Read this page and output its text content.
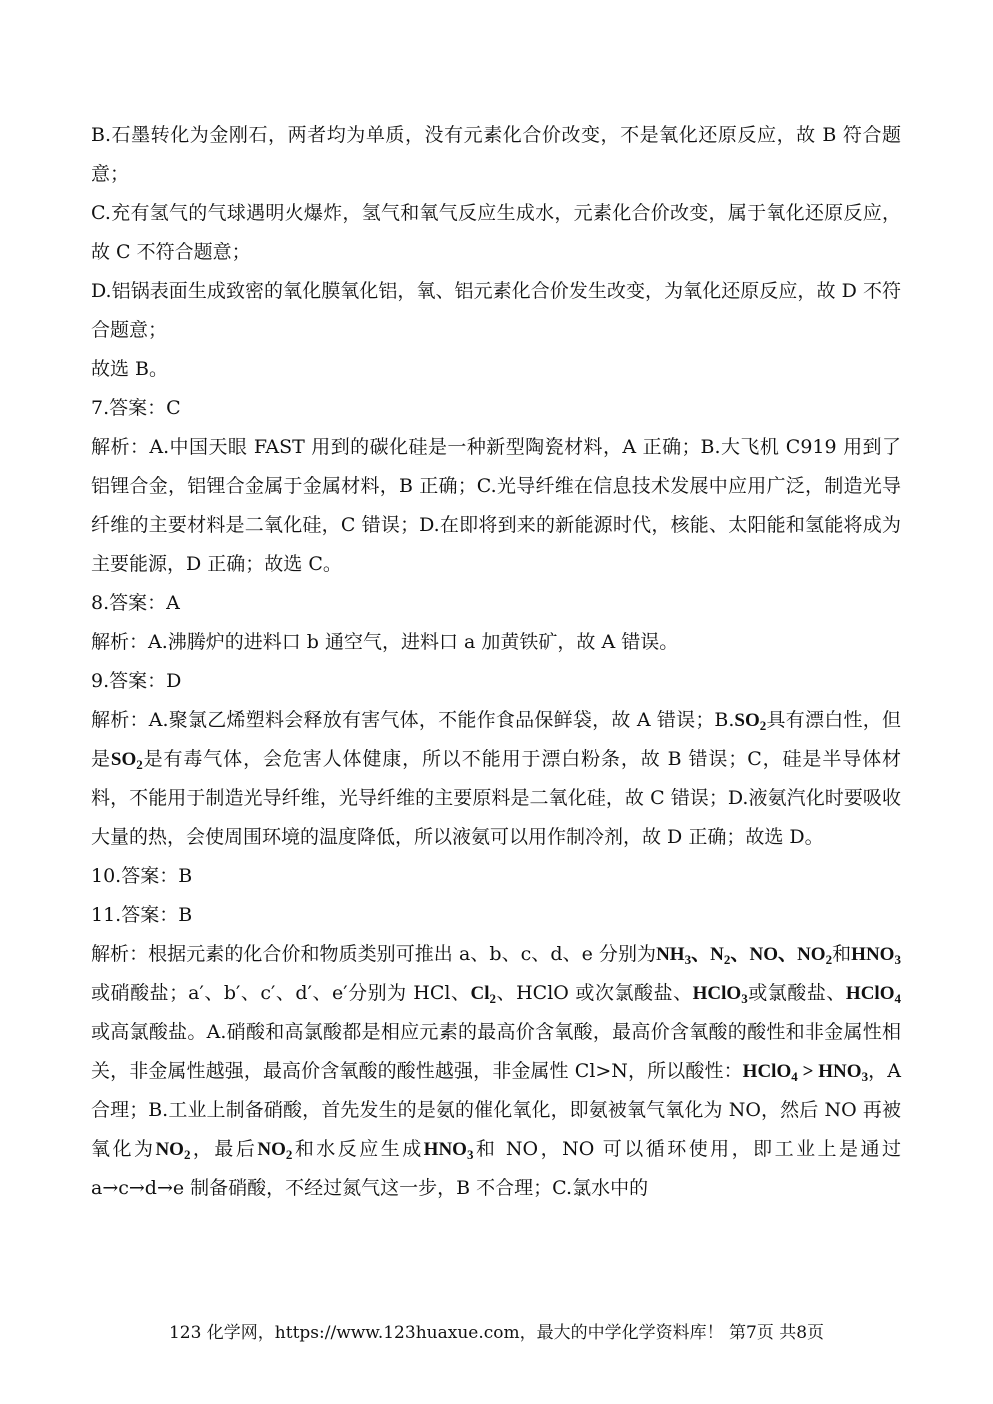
B.石墨转化为金刚石，两者均为单质，没有元素化合价改变，不是氧化还原反应，故 B 符合题意；

C.充有氢气的气球遇明火爆炸，氢气和氧气反应生成水，元素化合价改变，属于氧化还原反应，故 C 不符合题意；

D.铝锅表面生成致密的氧化膜氧化铝，氧、铝元素化合价发生改变，为氧化还原反应，故 D 不符合题意；

故选 B。

7.答案：C

解析：A.中国天眼 FAST 用到的碳化硅是一种新型陶瓷材料，A 正确；B.大飞机 C919 用到了铝锂合金，铝锂合金属于金属材料，B 正确；C.光导纤维在信息技术发展中应用广泛，制造光导纤维的主要材料是二氧化硅，C 错误；D.在即将到来的新能源时代，核能、太阳能和氢能将成为主要能源，D 正确；故选 C。

8.答案：A

解析：A.沸腾炉的进料口 b 通空气，进料口 a 加黄铁矿，故 A 错误。

9.答案：D

解析：A.聚氯乙烯塑料会释放有害气体，不能作食品保鲜袋，故 A 错误；$B.SO_2$具有漂白性，但是$SO_2$是有毒气体，会危害人体健康，所以不能用于漂白粉条，故 B 错误；C，硅是半导体材料，不能用于制造光导纤维，光导纤维的主要原料是二氧化硅，故 C 错误；D.液氨汽化时要吸收大量的热，会使周围环境的温度降低，所以液氨可以用作制冷剂，故 D 正确；故选 D。

10.答案：B

11.答案：B

解析：根据元素的化合价和物质类别可推出 a、b、c、d、e 分别为$NH_3$、$N_2$、NO、$NO_2$和$HNO_3$或硝酸盐；a′、b′、c′、d′、e′分别为 HCl、$Cl_2$、HClO 或次氯酸盐、HClO$_3$或氯酸盐、HClO$_4$或高氯酸盐。A.硝酸和高氯酸都是相应元素的最高价含氧酸，最高价含氧酸的酸性和非金属性相关，非金属性越强，最高价含氧酸的酸性越强，非金属性 Cl>N，所以酸性：HClO$_4$ > $HNO_3$，A 合理；B.工业上制备硝酸，首先发生的是氨的催化氧化，即氨被氧气氧化为 NO，然后 NO 再被氧化为$NO_2$，最后$NO_2$和水反应生成$HNO_3$和 NO，NO 可以循环使用，即工业上是通过 a→c→d→e 制备硝酸，不经过氮气这一步，B 不合理；C.氯水中的

123 化学网，https://www.123huaxue.com，最大的中学化学资料库！ 第7页 共8页
